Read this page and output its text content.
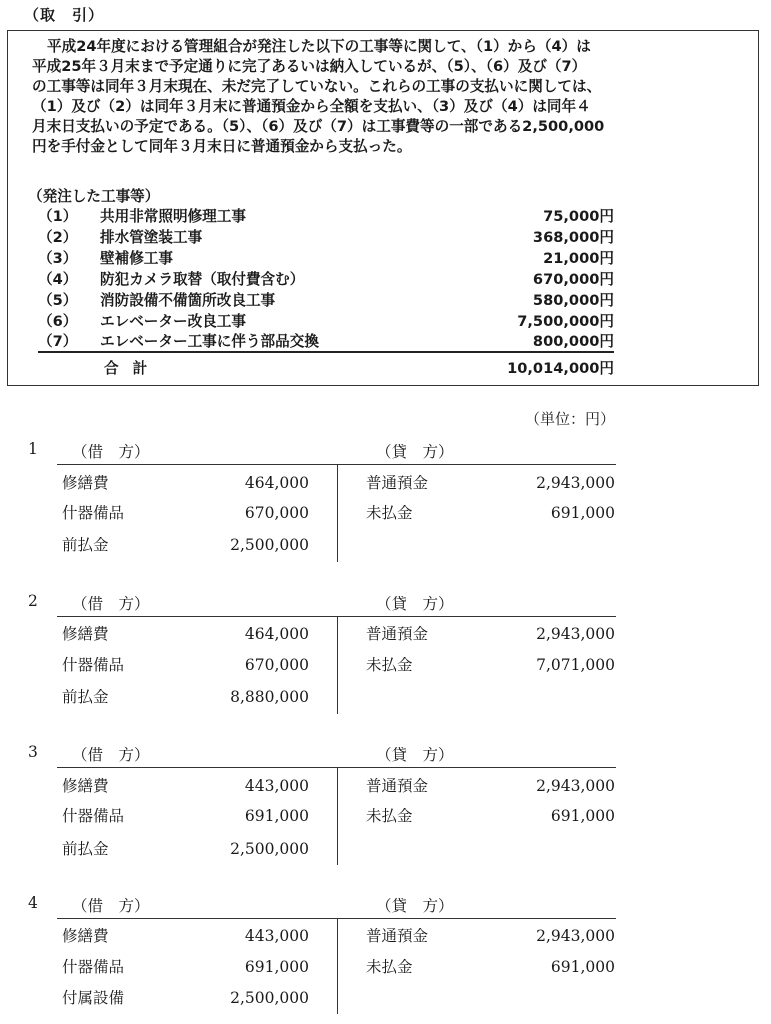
（取　引）
平成24年度における管理組合が発注した以下の工事等に関して、（1）から（4）は
平成25年３月末まで予定通りに完了あるいは納入しているが、（5）、（6）及び（7）
の工事等は同年３月末現在、未だ完了していない。これらの工事の支払いに関しては、
（1）及び（2）は同年３月末に普通預金から全額を支払い、（3）及び（4）は同年４
月末日支払いの予定である。（5）、（6）及び（7）は工事費等の一部である2,500,000
円を手付金として同年３月末日に普通預金から支払った。
（発注した工事等）
（1） 共用非常照明修理工事	75,000円
（2） 排水管塗装工事	368,000円
（3） 壁補修工事	21,000円
（4） 防犯カメラ取替（取付費含む）	670,000円
（5） 消防設備不備箇所改良工事	580,000円
（6） エレベーター改良工事	7,500,000円
（7） エレベーター工事に伴う部品交換	800,000円
合計	10,014,000円
（単位：円）
1 （借　方）	（貸　方）
修繕費	464,000	普通預金	2,943,000
什器備品	670,000	未払金	691,000
前払金	2,500,000
2 （借　方）	（貸　方）
修繕費	464,000	普通預金	2,943,000
什器備品	670,000	未払金	7,071,000
前払金	8,880,000
3 （借　方）	（貸　方）
修繕費	443,000	普通預金	2,943,000
什器備品	691,000	未払金	691,000
前払金	2,500,000
4 （借　方）	（貸　方）
修繕費	443,000	普通預金	2,943,000
什器備品	691,000	未払金	691,000
付属設備	2,500,000
